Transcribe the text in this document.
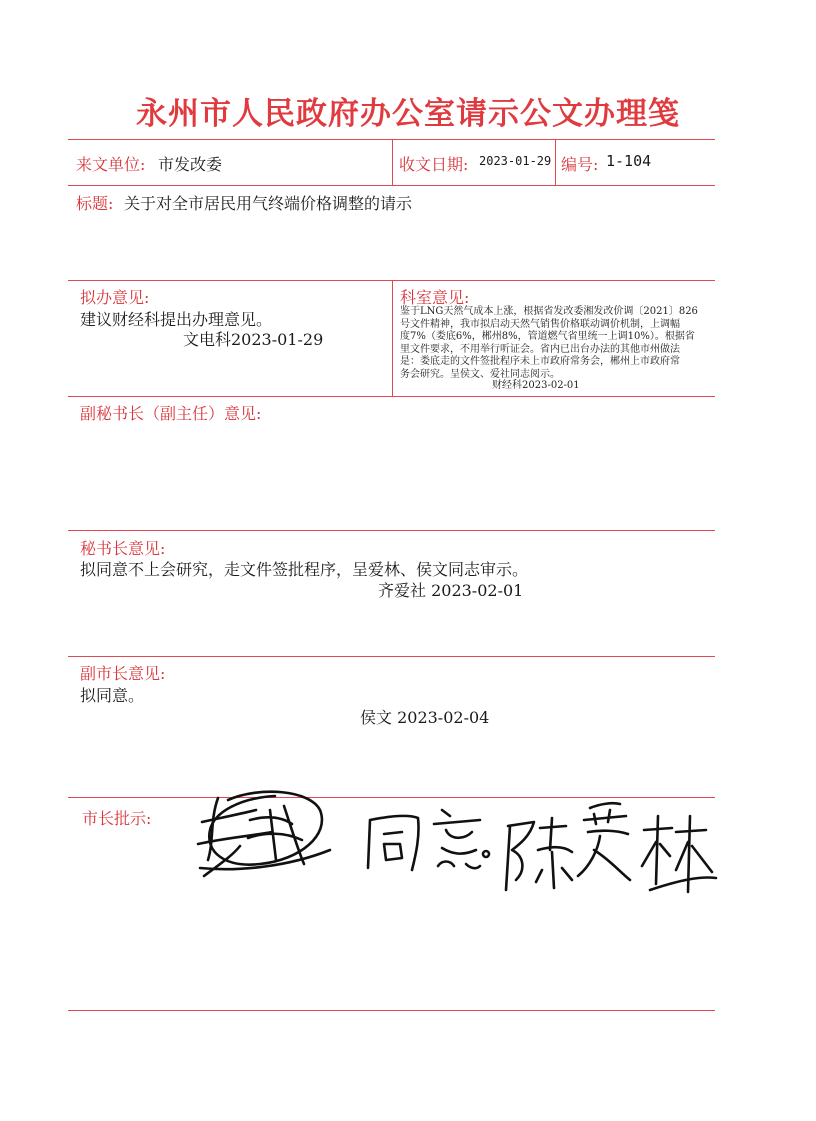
永州市人民政府办公室请示公文办理笺
来文单位: 市发改委	收文日期: 2023-01-29 编号: 1-104
标题: 关于对全市居民用气终端价格调整的请示
拟办意见:
建议财经科提出办理意见。
文电科2023-01-29
科室意见:
鉴于LNG天然气成本上涨，根据省发改委湘发改价调〔2021〕826
号文件精神，我市拟启动天然气销售价格联动调价机制，上调幅
度7%（娄底6%，郴州8%，管道燃气省里统一上调10%）。根据省
里文件要求，不用举行听证会。省内已出台办法的其他市州做法
是：娄底走的文件签批程序未上市政府常务会，郴州上市政府常
务会研究。呈侯文、爱社同志阅示。
财经科2023-02-01
副秘书长（副主任）意见:
秘书长意见:
拟同意不上会研究，走文件签批程序，呈爱林、侯文同志审示。
齐爱社 2023-02-01
副市长意见:
拟同意。
侯文 2023-02-04
市长批示:
